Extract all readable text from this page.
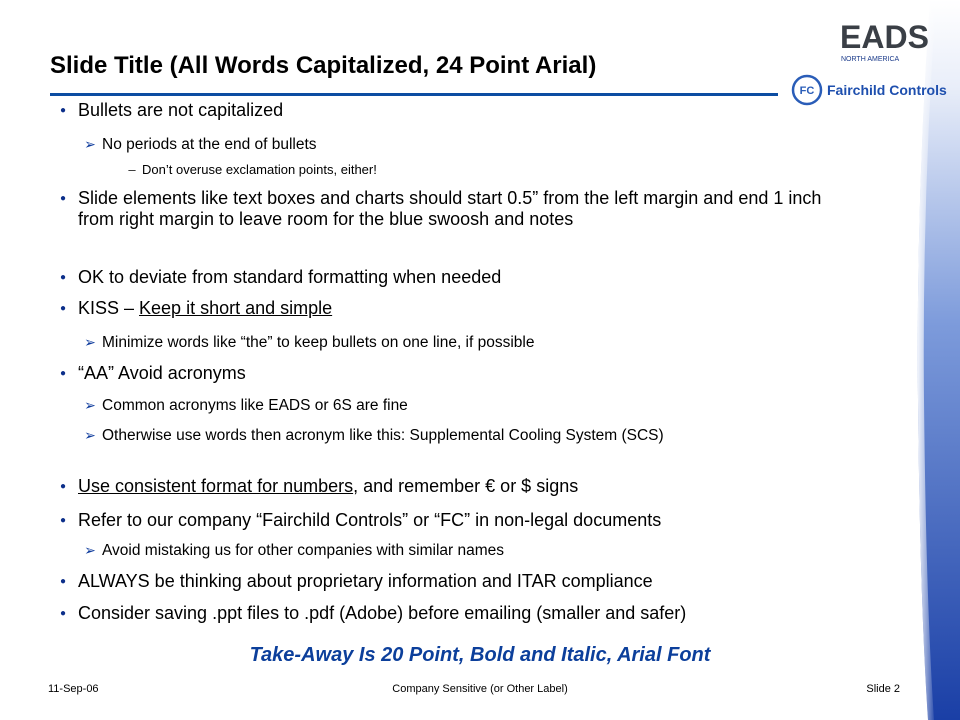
EADS
NORTH AMERICA
FC Fairchild Controls
Slide Title (All Words Capitalized, 24 Point Arial)
● Bullets are not capitalized
➢ No periods at the end of bullets
– Don’t overuse exclamation points, either!
● Slide elements like text boxes and charts should start 0.5” from the left margin and end 1 inch from right margin to leave room for the blue swoosh and notes
● OK to deviate from standard formatting when needed
● KISS – Keep it short and simple
➢ Minimize words like “the” to keep bullets on one line, if possible
● “AA” Avoid acronyms
➢ Common acronyms like EADS or 6S are fine
➢ Otherwise use words then acronym like this: Supplemental Cooling System (SCS)
● Use consistent format for numbers, and remember € or $ signs
● Refer to our company “Fairchild Controls” or “FC” in non-legal documents
➢ Avoid mistaking us for other companies with similar names
● ALWAYS be thinking about proprietary information and ITAR compliance
● Consider saving .ppt files to .pdf (Adobe) before emailing (smaller and safer)
Take-Away Is 20 Point, Bold and Italic, Arial Font
11-Sep-06	Company Sensitive (or Other Label)	Slide 2
